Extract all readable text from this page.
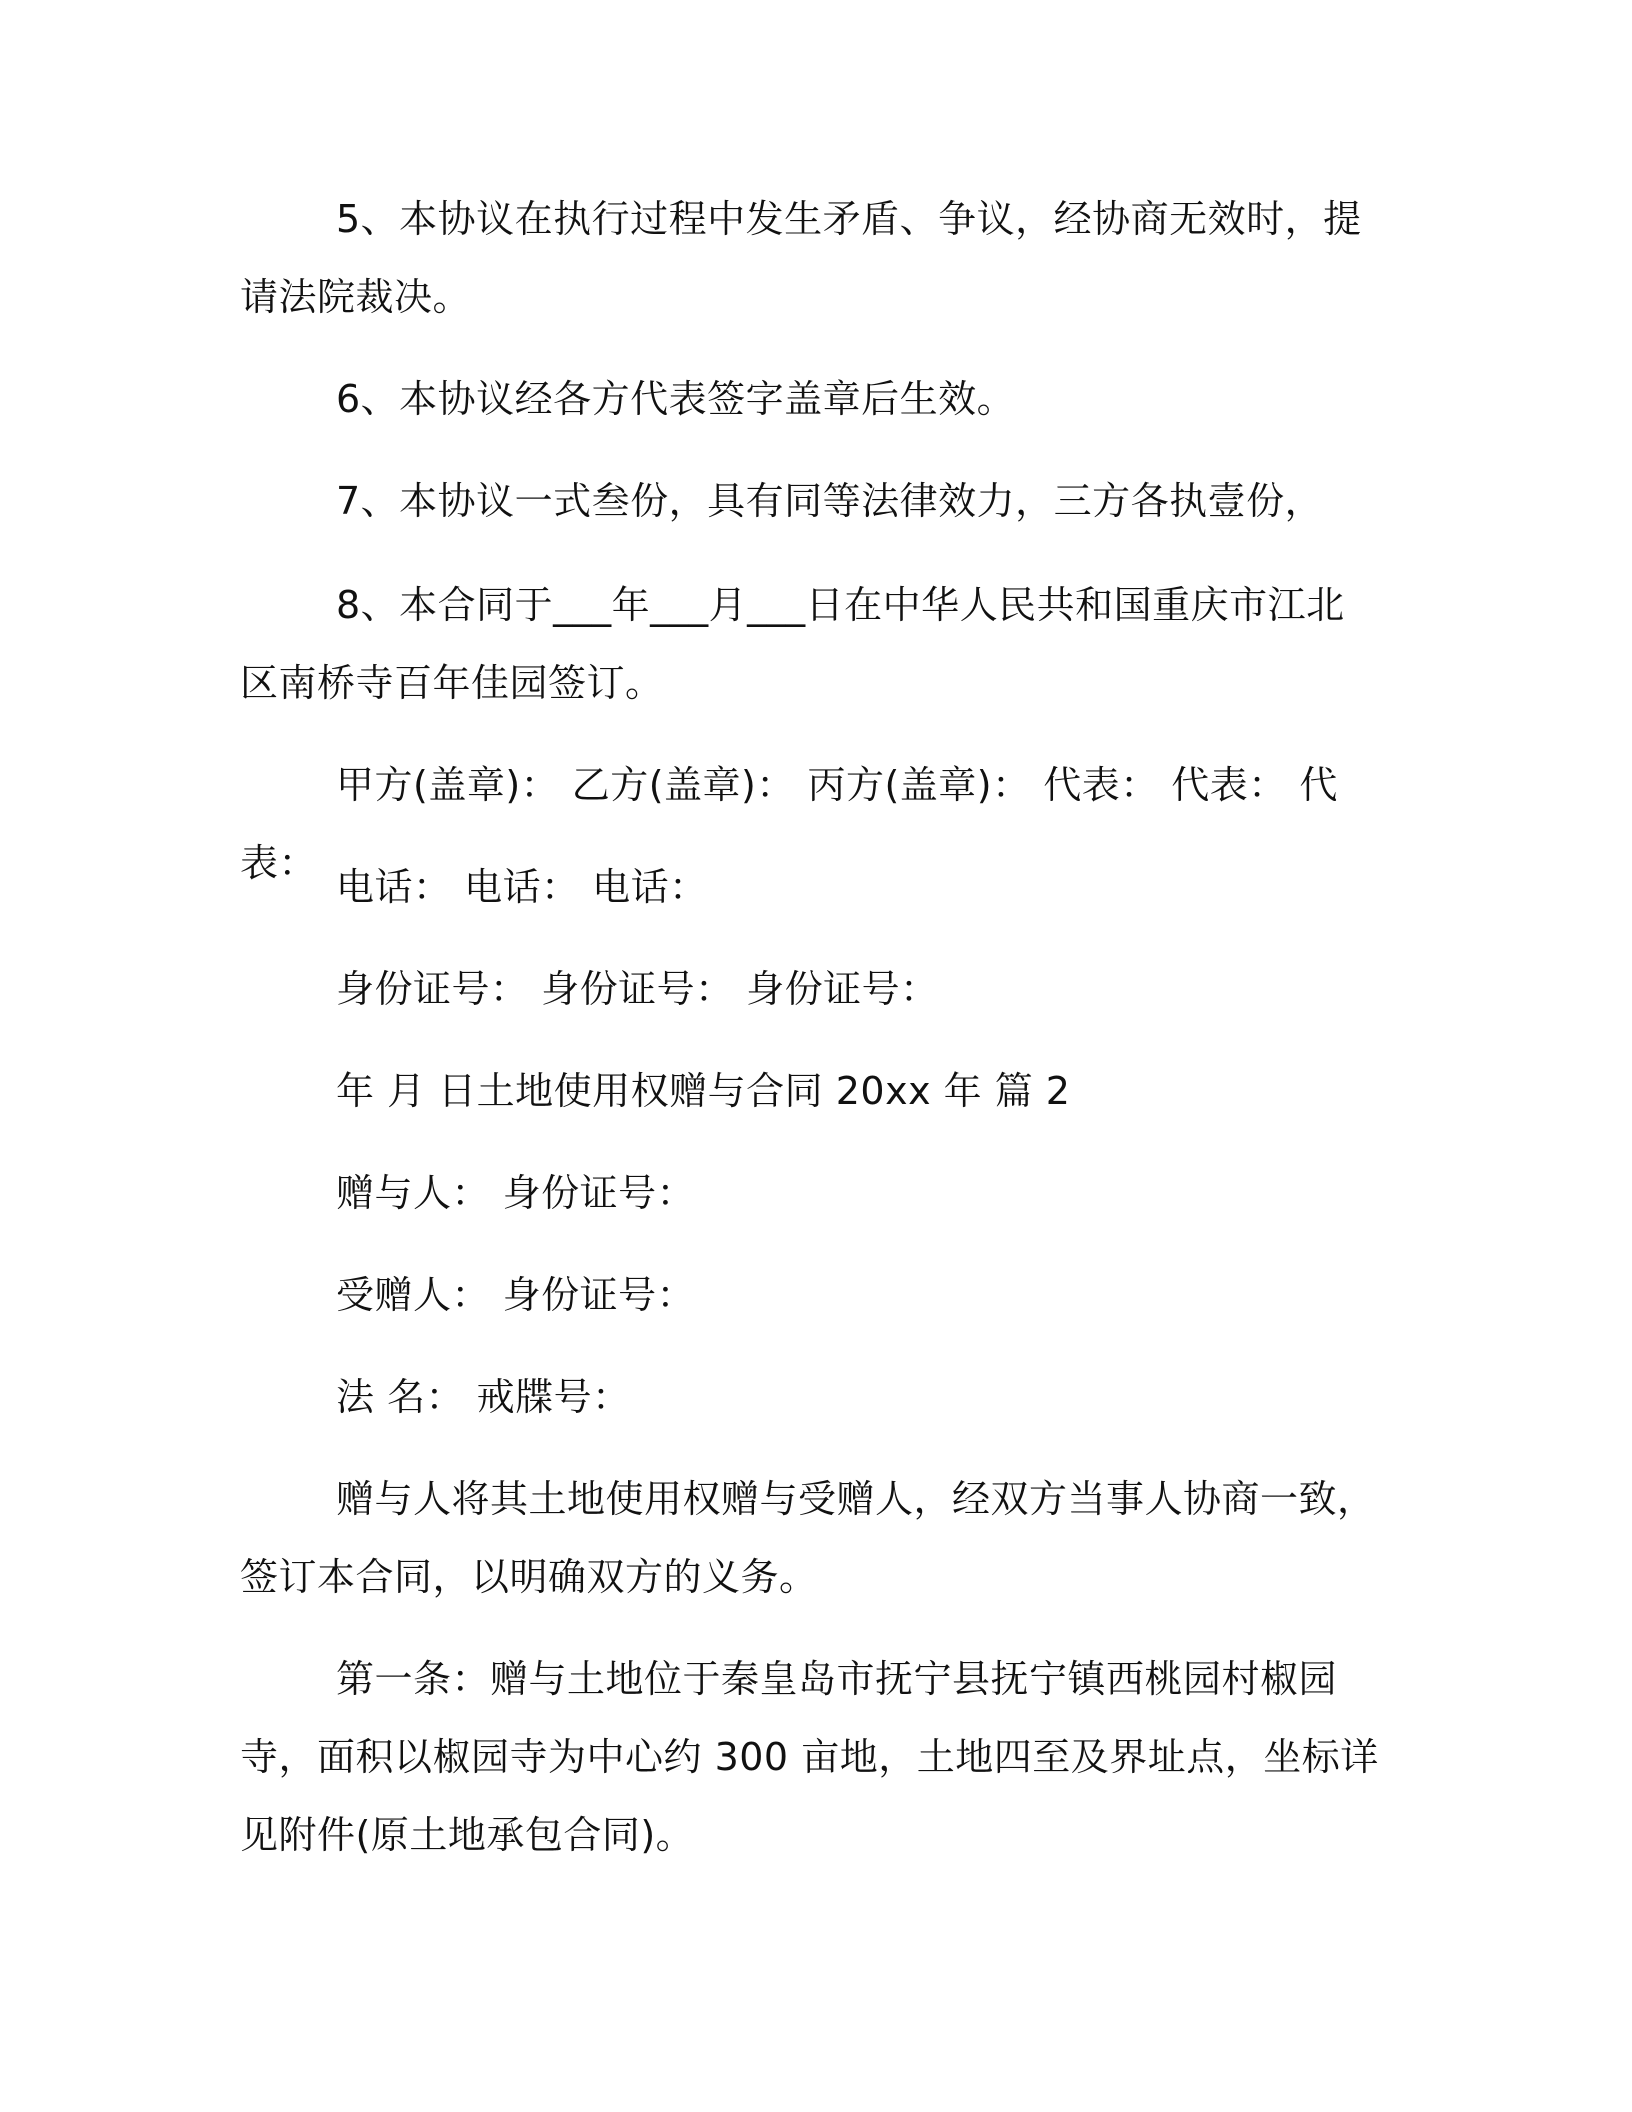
5、本协议在执行过程中发生矛盾、争议，经协商无效时，提请法院裁决。

6、本协议经各方代表签字盖章后生效。

7、本协议一式叁份，具有同等法律效力，三方各执壹份，

8、本合同于___年___月___日在中华人民共和国重庆市江北区南桥寺百年佳园签订。

甲方(盖章)： 乙方(盖章)： 丙方(盖章)： 代表： 代表： 代表：

电话： 电话： 电话：

身份证号： 身份证号： 身份证号：

年 月 日土地使用权赠与合同 20xx 年 篇 2

赠与人： 身份证号：

受赠人： 身份证号：

法 名： 戒牒号：

赠与人将其土地使用权赠与受赠人，经双方当事人协商一致，签订本合同，以明确双方的义务。

第一条：赠与土地位于秦皇岛市抚宁县抚宁镇西桃园村椒园寺，面积以椒园寺为中心约 300 亩地，土地四至及界址点，坐标详见附件(原土地承包合同)。
